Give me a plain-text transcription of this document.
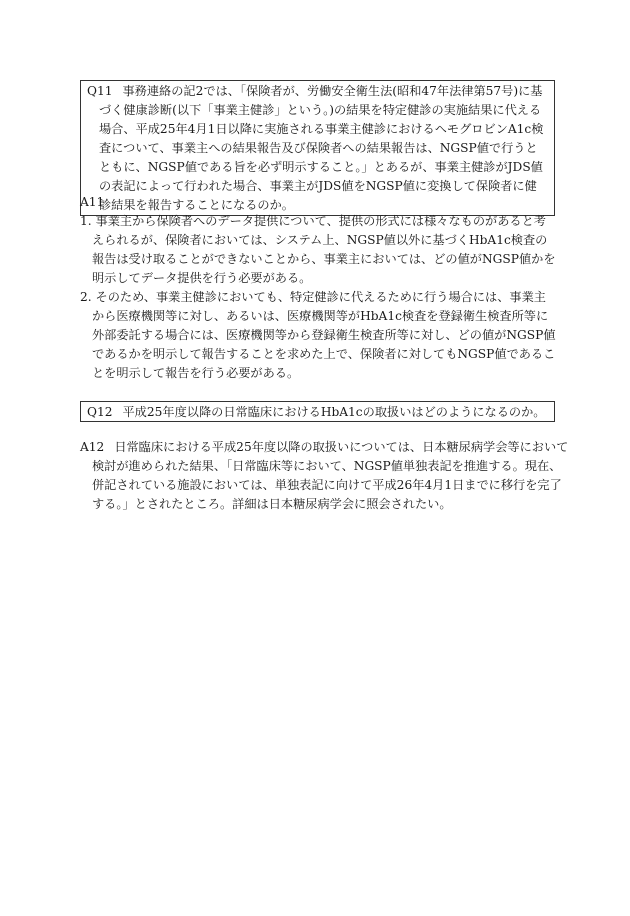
Q11 事務連絡の記2では、「保険者が、労働安全衛生法(昭和47年法律第57号)に基づく健康診断(以下「事業主健診」という。)の結果を特定健診の実施結果に代える場合、平成25年4月1日以降に実施される事業主健診におけるヘモグロビンA1c検査について、事業主への結果報告及び保険者への結果報告は、NGSP値で行うとともに、NGSP値である旨を必ず明示すること。」とあるが、事業主健診がJDS値の表記によって行われた場合、事業主がJDS値をNGSP値に変換して保険者に健診結果を報告することになるのか。
A11

1. 事業主から保険者へのデータ提供について、提供の形式には様々なものがあると考えられるが、保険者においては、システム上、NGSP値以外に基づくHbA1c検査の報告は受け取ることができないことから、事業主においては、どの値がNGSP値かを明示してデータ提供を行う必要がある。

2. そのため、事業主健診においても、特定健診に代えるために行う場合には、事業主から医療機関等に対し、あるいは、医療機関等がHbA1c検査を登録衛生検査所等に外部委託する場合には、医療機関等から登録衛生検査所等に対し、どの値がNGSP値であるかを明示して報告することを求めた上で、保険者に対してもNGSP値であることを明示して報告を行う必要がある。

Q12 平成25年度以降の日常臨床におけるHbA1cの取扱いはどのようになるのか。
A12 日常臨床における平成25年度以降の取扱いについては、日本糖尿病学会等において検討が進められた結果、「日常臨床等において、NGSP値単独表記を推進する。現在、併記されている施設においては、単独表記に向けて平成26年4月1日までに移行を完了する。」とされたところ。詳細は日本糖尿病学会に照会されたい。
